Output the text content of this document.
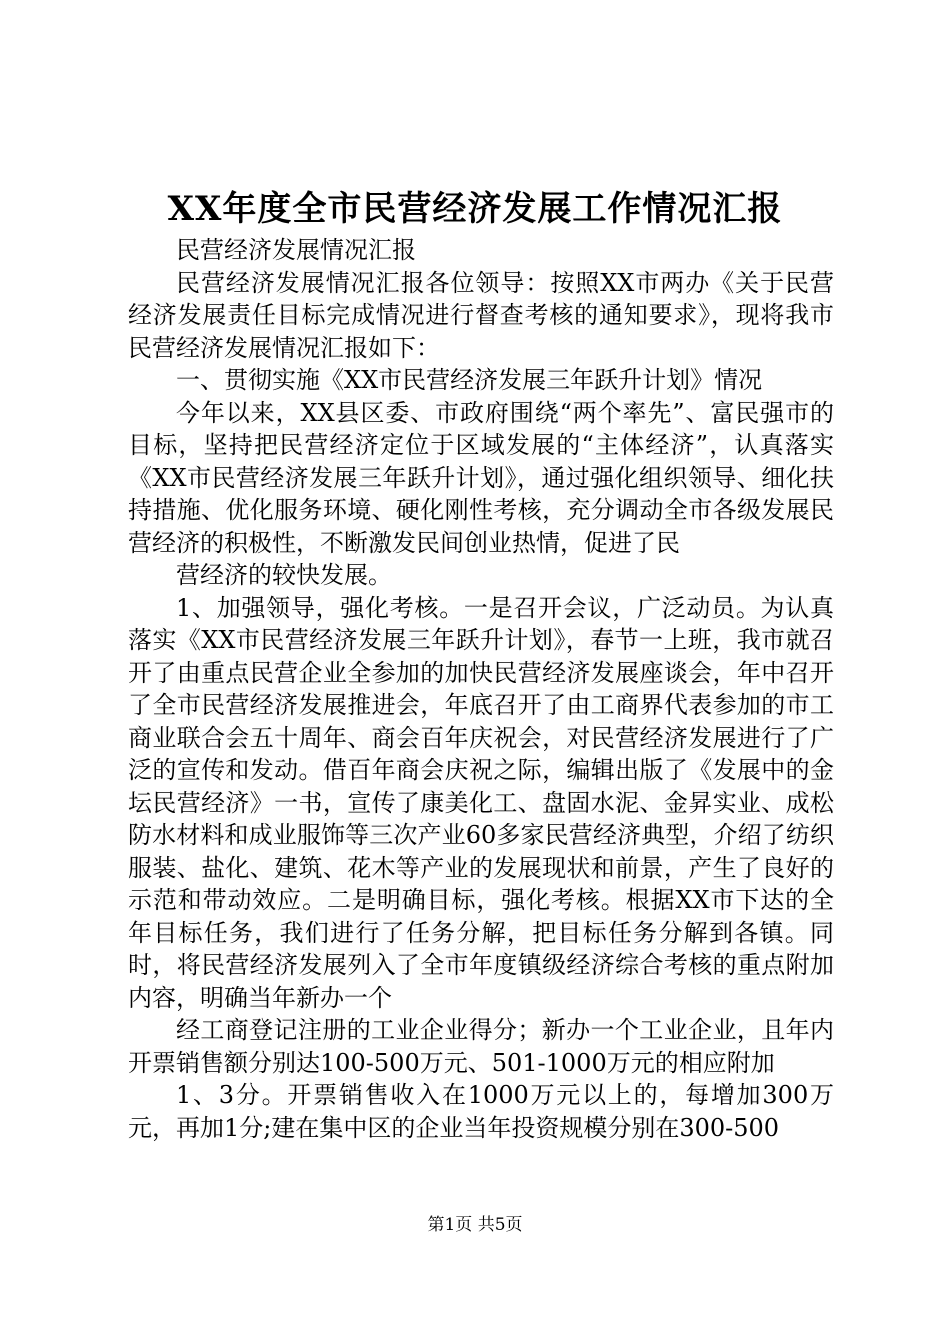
XX年度全市民营经济发展工作情况汇报

民营经济发展情况汇报

民营经济发展情况汇报各位领导：按照XX市两办《关于民营经济发展责任目标完成情况进行督查考核的通知要求》，现将我市民营经济发展情况汇报如下：

一、贯彻实施《XX市民营经济发展三年跃升计划》情况

今年以来，XX县区委、市政府围绕“两个率先”、富民强市的目标，坚持把民营经济定位于区域发展的“主体经济”，认真落实《XX市民营经济发展三年跃升计划》，通过强化组织领导、细化扶持措施、优化服务环境、硬化刚性考核，充分调动全市各级发展民营经济的积极性，不断激发民间创业热情，促进了民

营经济的较快发展。

1、加强领导，强化考核。一是召开会议，广泛动员。为认真落实《XX市民营经济发展三年跃升计划》，春节一上班，我市就召开了由重点民营企业全参加的加快民营经济发展座谈会，年中召开了全市民营经济发展推进会，年底召开了由工商界代表参加的市工商业联合会五十周年、商会百年庆祝会，对民营经济发展进行了广泛的宣传和发动。借百年商会庆祝之际，编辑出版了《发展中的金坛民营经济》一书，宣传了康美化工、盘固水泥、金昇实业、成松防水材料和成业服饰等三次产业60多家民营经济典型，介绍了纺织服装、盐化、建筑、花木等产业的发展现状和前景，产生了良好的示范和带动效应。二是明确目标，强化考核。根据XX市下达的全年目标任务，我们进行了任务分解，把目标任务分解到各镇。同时，将民营经济发展列入了全市年度镇级经济综合考核的重点附加内容，明确当年新办一个

经工商登记注册的工业企业得分；新办一个工业企业，且年内开票销售额分别达100-500万元、501-1000万元的相应附加

1、3分。开票销售收入在1000万元以上的，每增加300万元，再加1分;建在集中区的企业当年投资规模分别在300-500

第1页 共5页
